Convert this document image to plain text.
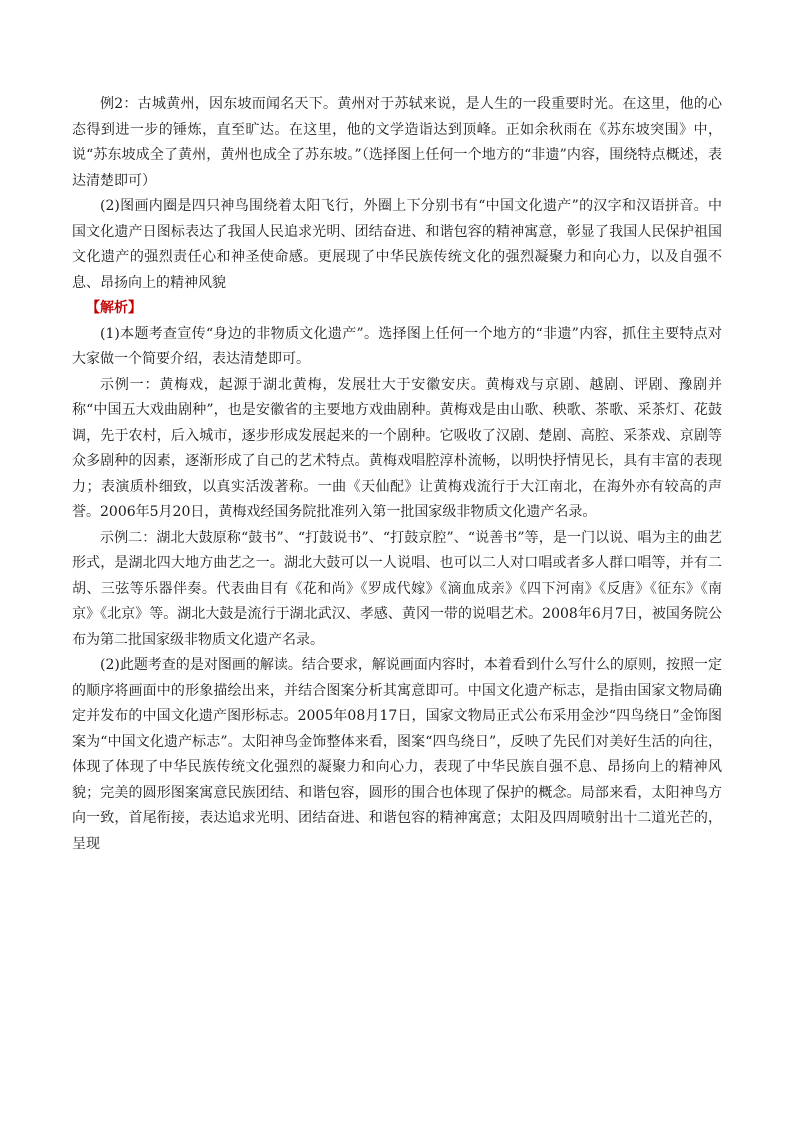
例2：古城黄州，因东坡而闻名天下。黄州对于苏轼来说，是人生的一段重要时光。在这里，他的心态得到进一步的锤炼，直至旷达。在这里，他的文学造诣达到顶峰。正如余秋雨在《苏东坡突围》中，说“苏东坡成全了黄州，黄州也成全了苏东坡。”（选择图上任何一个地方的“非遗”内容，围绕特点概述，表达清楚即可）

(2)图画内圈是四只神鸟围绕着太阳飞行，外圈上下分别书有“中国文化遗产”的汉字和汉语拼音。中国文化遗产日图标表达了我国人民追求光明、团结奋进、和谐包容的精神寓意，彰显了我国人民保护祖国文化遗产的强烈责任心和神圣使命感。更展现了中华民族传统文化的强烈凝聚力和向心力，以及自强不息、昂扬向上的精神风貌

【解析】

(1)本题考查宣传“身边的非物质文化遗产”。选择图上任何一个地方的“非遗”内容，抓住主要特点对大家做一个简要介绍，表达清楚即可。

示例一：黄梅戏，起源于湖北黄梅，发展壮大于安徽安庆。黄梅戏与京剧、越剧、评剧、豫剧并称“中国五大戏曲剧种”，也是安徽省的主要地方戏曲剧种。黄梅戏是由山歌、秧歌、茶歌、采茶灯、花鼓调，先于农村，后入城市，逐步形成发展起来的一个剧种。它吸收了汉剧、楚剧、高腔、采茶戏、京剧等众多剧种的因素，逐渐形成了自己的艺术特点。黄梅戏唱腔淳朴流畅，以明快抒情见长，具有丰富的表现力；表演质朴细致，以真实活泼著称。一曲《天仙配》让黄梅戏流行于大江南北，在海外亦有较高的声誉。2006年5月20日，黄梅戏经国务院批准列入第一批国家级非物质文化遗产名录。

示例二：湖北大鼓原称“鼓书”、“打鼓说书”、“打鼓京腔”、“说善书”等，是一门以说、唱为主的曲艺形式，是湖北四大地方曲艺之一。湖北大鼓可以一人说唱、也可以二人对口唱或者多人群口唱等，并有二胡、三弦等乐器伴奏。代表曲目有《花和尚》《罗成代嫁》《滴血成亲》《四下河南》《反唐》《征东》《南京》《北京》等。湖北大鼓是流行于湖北武汉、孝感、黄冈一带的说唱艺术。2008年6月7日，被国务院公布为第二批国家级非物质文化遗产名录。

(2)此题考查的是对图画的解读。结合要求，解说画面内容时，本着看到什么写什么的原则，按照一定的顺序将画面中的形象描绘出来，并结合图案分析其寓意即可。中国文化遗产标志，是指由国家文物局确定并发布的中国文化遗产图形标志。2005年08月17日，国家文物局正式公布采用金沙“四鸟绕日”金饰图案为“中国文化遗产标志”。太阳神鸟金饰整体来看，图案“四鸟绕日”，反映了先民们对美好生活的向往，体现了体现了中华民族传统文化强烈的凝聚力和向心力，表现了中华民族自强不息、昂扬向上的精神风貌；完美的圆形图案寓意民族团结、和谐包容，圆形的围合也体现了保护的概念。局部来看，太阳神鸟方向一致，首尾衔接，表达追求光明、团结奋进、和谐包容的精神寓意；太阳及四周喷射出十二道光芒的，呈现
